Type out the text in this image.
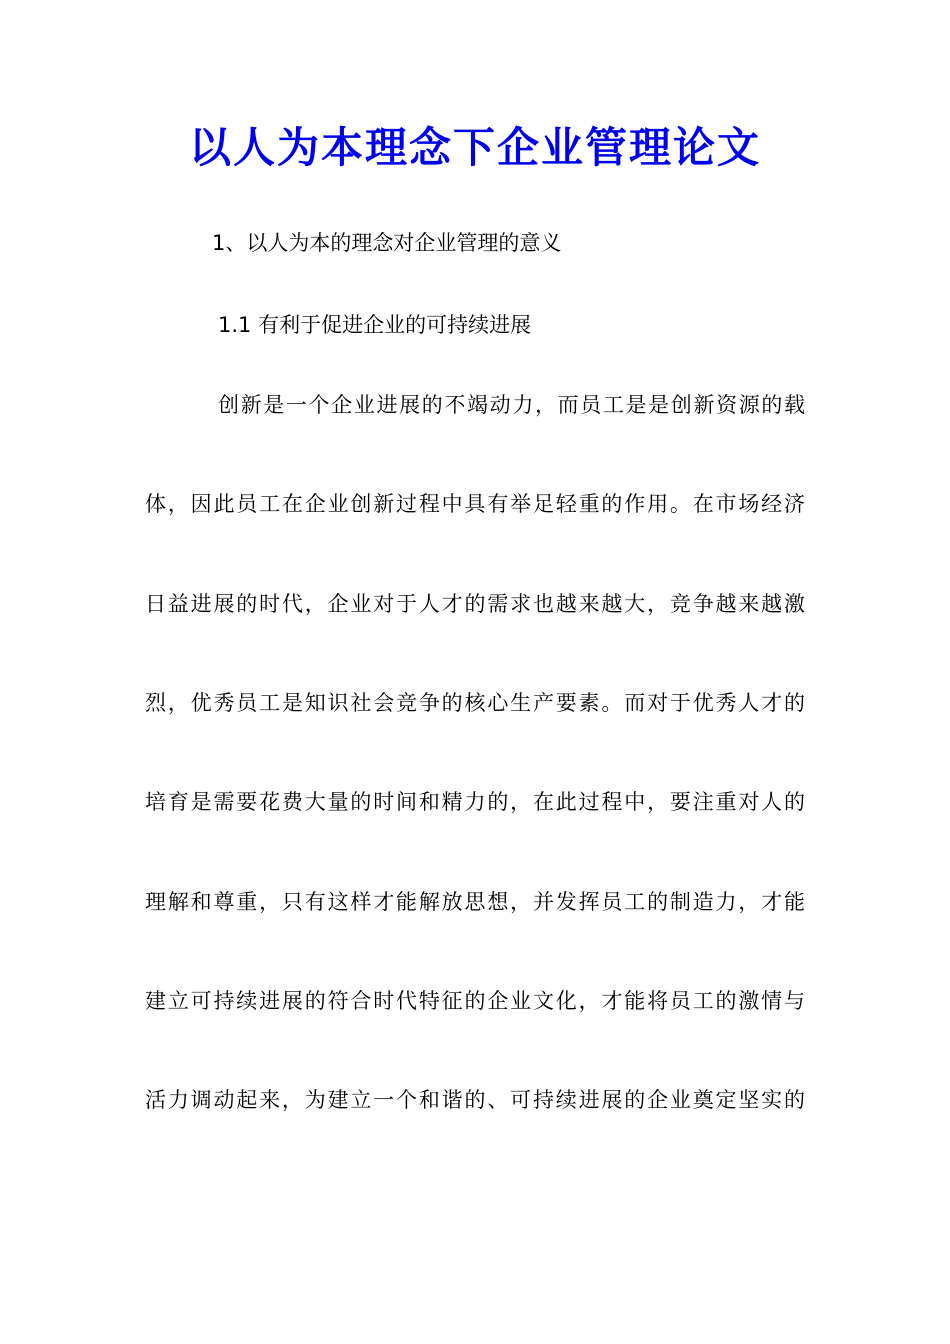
以人为本理念下企业管理论文
1、以人为本的理念对企业管理的意义
1.1 有利于促进企业的可持续进展
创新是一个企业进展的不竭动力，而员工是是创新资源的载
体，因此员工在企业创新过程中具有举足轻重的作用。在市场经济
日益进展的时代，企业对于人才的需求也越来越大，竞争越来越激
烈，优秀员工是知识社会竞争的核心生产要素。而对于优秀人才的
培育是需要花费大量的时间和精力的，在此过程中，要注重对人的
理解和尊重，只有这样才能解放思想，并发挥员工的制造力，才能
建立可持续进展的符合时代特征的企业文化，才能将员工的激情与
活力调动起来，为建立一个和谐的、可持续进展的企业奠定坚实的
